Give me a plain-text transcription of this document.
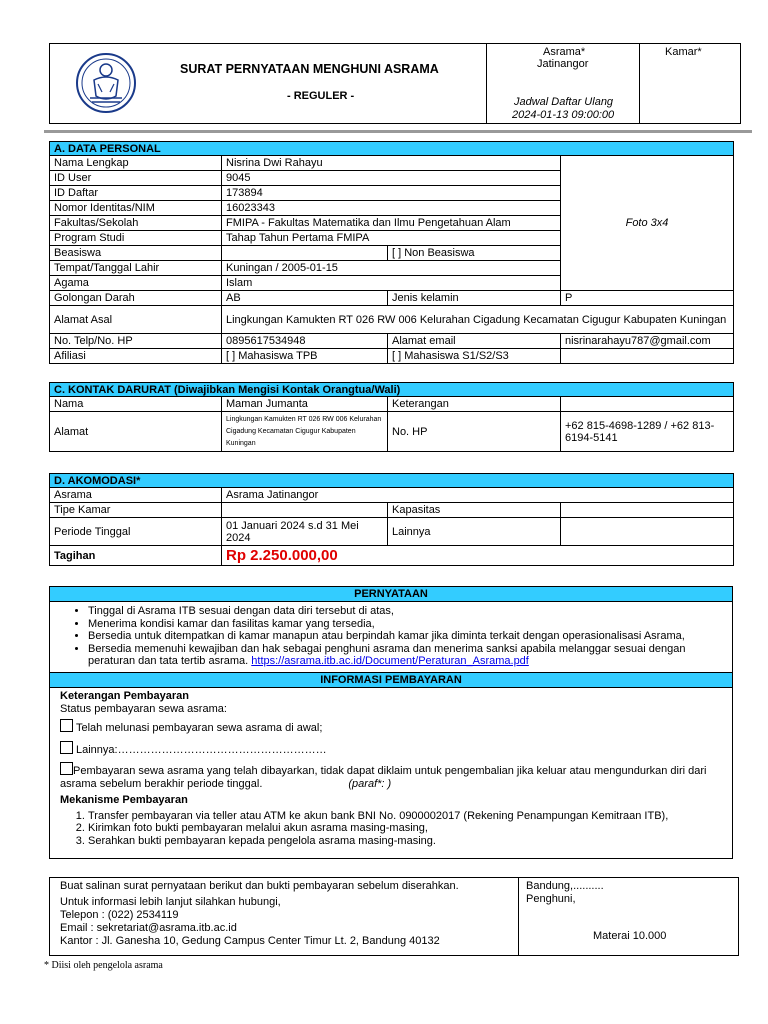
SURAT PERNYATAAN MENGHUNI ASRAMA
- REGULER -
Asrama*
Jatinangor
Jadwal Daftar Ulang
2024-01-13 09:00:00
Kamar*
A. DATA PERSONAL			
Nama Lengkap	Nisrina Dwi Rahayu		Foto 3x4
ID User	9045		
ID Daftar	173894		
Nomor Identitas/NIM	16023343		
Fakultas/Sekolah	FMIPA - Fakultas Matematika dan Ilmu Pengetahuan Alam		
Program Studi	Tahap Tahun Pertama FMIPA		
Beasiswa		[ ] Non Beasiswa	
Tempat/Tanggal Lahir	Kuningan / 2005-01-15		
Agama	Islam		
Golongan Darah	AB	Jenis kelamin	P
Alamat Asal	Lingkungan Kamukten RT 026 RW 006 Kelurahan Cigadung Kecamatan Cigugur Kabupaten Kuningan		
No. Telp/No. HP	0895617534948	Alamat email	nisrinarahayu787@gmail.com
Afiliasi	[ ] Mahasiswa TPB	[ ] Mahasiswa S1/S2/S3	
C. KONTAK DARURAT (Diwajibkan Mengisi Kontak Orangtua/Wali)			
Nama	Maman Jumanta	Keterangan	
Alamat	Lingkungan Kamukten RT 026 RW 006 Kelurahan Cigadung Kecamatan Cigugur Kabupaten Kuningan	No. HP	+62 815-4698-1289 / +62 813-6194-5141
D. AKOMODASI*			
Asrama	Asrama Jatinangor		
Tipe Kamar		Kapasitas	
Periode Tinggal	01 Januari 2024 s.d 31 Mei 2024	Lainnya	
Tagihan	Rp 2.250.000,00		
PERNYATAAN
• Tinggal di Asrama ITB sesuai dengan data diri tersebut di atas,
• Menerima kondisi kamar dan fasilitas kamar yang tersedia,
• Bersedia untuk ditempatkan di kamar manapun atau berpindah kamar jika diminta terkait dengan operasionalisasi Asrama,
• Bersedia memenuhi kewajiban dan hak sebagai penghuni asrama dan menerima sanksi apabila melanggar sesuai dengan peraturan dan tata tertib asrama. https://asrama.itb.ac.id/Document/Peraturan_Asrama.pdf
INFORMASI PEMBAYARAN
Keterangan Pembayaran
Status pembayaran sewa asrama:
Telah melunasi pembayaran sewa asrama di awal;
Lainnya:…………………………………………………
Pembayaran sewa asrama yang telah dibayarkan, tidak dapat diklaim untuk pengembalian jika keluar atau mengundurkan diri dari asrama sebelum berakhir periode tinggal.	(paraf*: )
Mekanisme Pembayaran
1. Transfer pembayaran via teller atau ATM ke akun bank BNI No. 0900002017 (Rekening Penampungan Kemitraan ITB),
2. Kirimkan foto bukti pembayaran melalui akun asrama masing-masing,
3. Serahkan bukti pembayaran kepada pengelola asrama masing-masing.
Buat salinan surat pernyataan berikut dan bukti pembayaran sebelum diserahkan.
Untuk informasi lebih lanjut silahkan hubungi,
Telepon : (022) 2534119
Email : sekretariat@asrama.itb.ac.id
Kantor : Jl. Ganesha 10, Gedung Campus Center Timur Lt. 2, Bandung 40132
Bandung,..........
Penghuni,
Materai 10.000
* Diisi oleh pengelola asrama
